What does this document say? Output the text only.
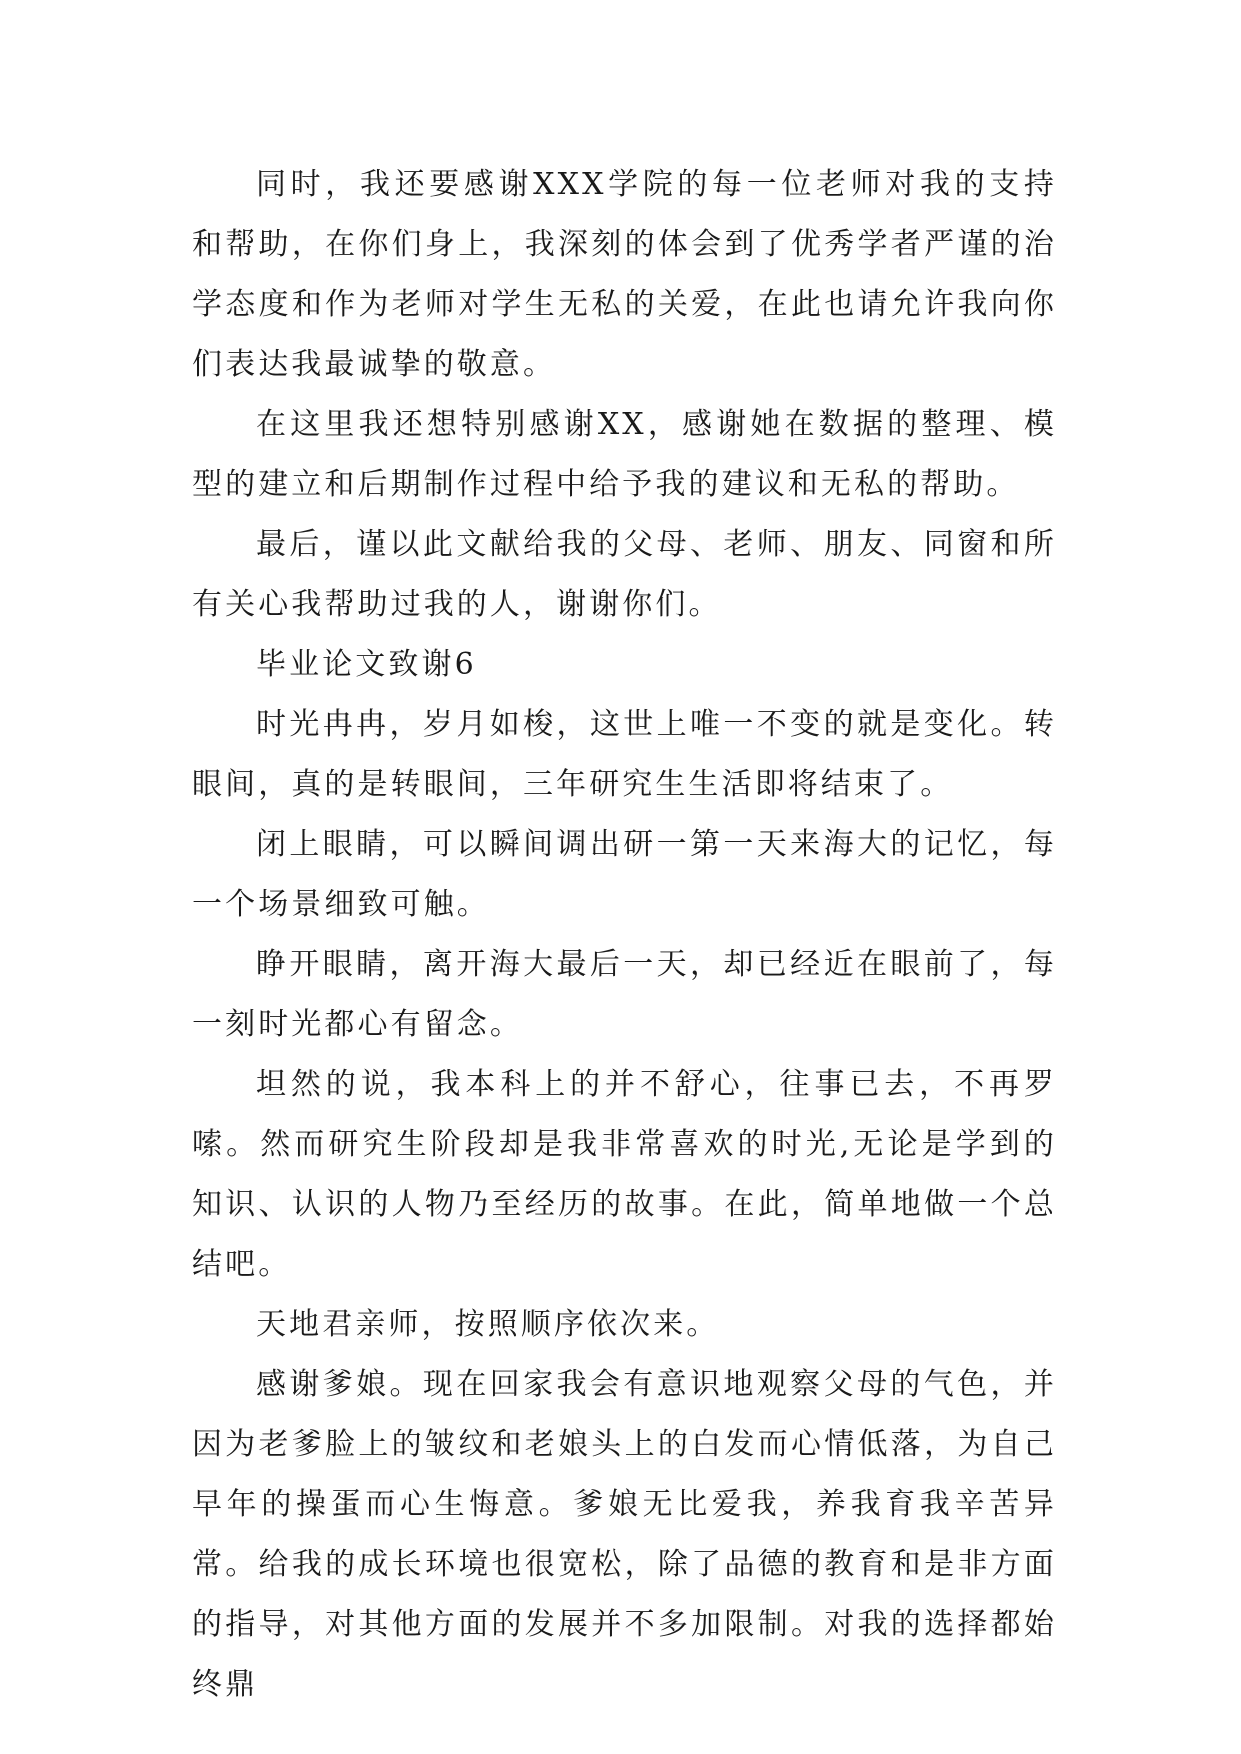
同时，我还要感谢XXX学院的每一位老师对我的支持和帮助，在你们身上，我深刻的体会到了优秀学者严谨的治学态度和作为老师对学生无私的关爱，在此也请允许我向你们表达我最诚挚的敬意。

在这里我还想特别感谢XX，感谢她在数据的整理、模型的建立和后期制作过程中给予我的建议和无私的帮助。

最后，谨以此文献给我的父母、老师、朋友、同窗和所有关心我帮助过我的人，谢谢你们。

毕业论文致谢6

时光冉冉，岁月如梭，这世上唯一不变的就是变化。转眼间，真的是转眼间，三年研究生生活即将结束了。

闭上眼睛，可以瞬间调出研一第一天来海大的记忆，每一个场景细致可触。

睁开眼睛，离开海大最后一天，却已经近在眼前了，每一刻时光都心有留念。

坦然的说，我本科上的并不舒心，往事已去，不再罗嗦。然而研究生阶段却是我非常喜欢的时光,无论是学到的知识、认识的人物乃至经历的故事。在此，简单地做一个总结吧。

天地君亲师，按照顺序依次来。

感谢爹娘。现在回家我会有意识地观察父母的气色，并因为老爹脸上的皱纹和老娘头上的白发而心情低落，为自己早年的操蛋而心生悔意。爹娘无比爱我，养我育我辛苦异常。给我的成长环境也很宽松，除了品德的教育和是非方面的指导，对其他方面的发展并不多加限制。对我的选择都始终鼎
